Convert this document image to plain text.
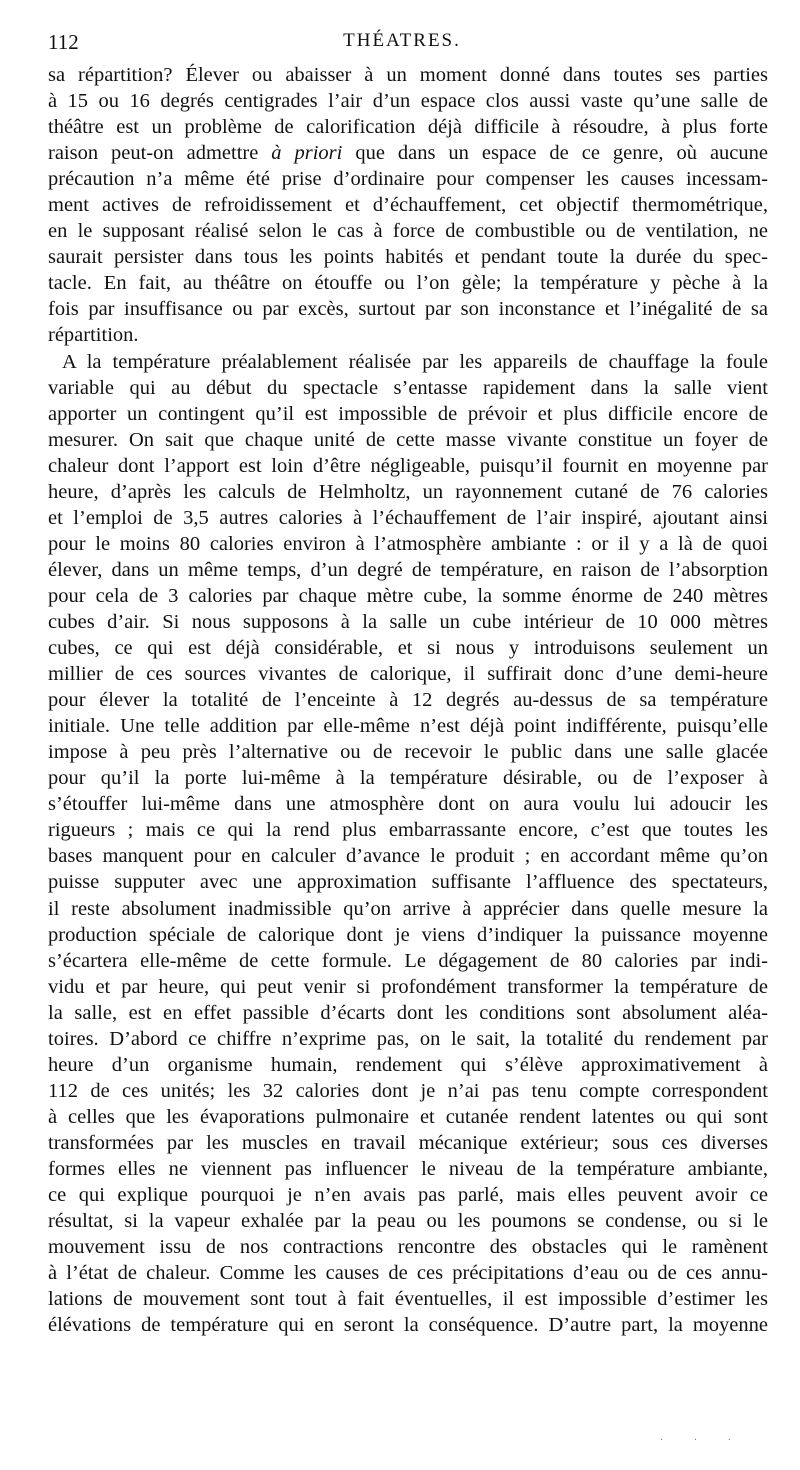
112	THÉATRES.
sa répartition? Élever ou abaisser à un moment donné dans toutes ses parties
à 15 ou 16 degrés centigrades l’air d’un espace clos aussi vaste qu’une salle de
théâtre est un problème de calorification déjà difficile à résoudre, à plus forte
raison peut-on admettre à priori que dans un espace de ce genre, où aucune
précaution n’a même été prise d’ordinaire pour compenser les causes incessam-
ment actives de refroidissement et d’échauffement, cet objectif thermométrique,
en le supposant réalisé selon le cas à force de combustible ou de ventilation, ne
saurait persister dans tous les points habités et pendant toute la durée du spec-
tacle. En fait, au théâtre on étouffe ou l’on gèle; la température y pèche à la
fois par insuffisance ou par excès, surtout par son inconstance et l’inégalité de sa
répartition.
A la température préalablement réalisée par les appareils de chauffage la foule
variable qui au début du spectacle s’entasse rapidement dans la salle vient
apporter un contingent qu’il est impossible de prévoir et plus difficile encore de
mesurer. On sait que chaque unité de cette masse vivante constitue un foyer de
chaleur dont l’apport est loin d’être négligeable, puisqu’il fournit en moyenne par
heure, d’après les calculs de Helmholtz, un rayonnement cutané de 76 calories
et l’emploi de 3,5 autres calories à l’échauffement de l’air inspiré, ajoutant ainsi
pour le moins 80 calories environ à l’atmosphère ambiante : or il y a là de quoi
élever, dans un même temps, d’un degré de température, en raison de l’absorption
pour cela de 3 calories par chaque mètre cube, la somme énorme de 240 mètres
cubes d’air. Si nous supposons à la salle un cube intérieur de 10 000 mètres
cubes, ce qui est déjà considérable, et si nous y introduisons seulement un
millier de ces sources vivantes de calorique, il suffirait donc d’une demi-heure
pour élever la totalité de l’enceinte à 12 degrés au-dessus de sa température
initiale. Une telle addition par elle-même n’est déjà point indifférente, puisqu’elle
impose à peu près l’alternative ou de recevoir le public dans une salle glacée
pour qu’il la porte lui-même à la température désirable, ou de l’exposer à
s’étouffer lui-même dans une atmosphère dont on aura voulu lui adoucir les
rigueurs ; mais ce qui la rend plus embarrassante encore, c’est que toutes les
bases manquent pour en calculer d’avance le produit ; en accordant même qu’on
puisse supputer avec une approximation suffisante l’affluence des spectateurs,
il reste absolument inadmissible qu’on arrive à apprécier dans quelle mesure la
production spéciale de calorique dont je viens d’indiquer la puissance moyenne
s’écartera elle-même de cette formule. Le dégagement de 80 calories par indi-
vidu et par heure, qui peut venir si profondément transformer la température de
la salle, est en effet passible d’écarts dont les conditions sont absolument aléa-
toires. D’abord ce chiffre n’exprime pas, on le sait, la totalité du rendement par
heure d’un organisme humain, rendement qui s’élève approximativement à
112 de ces unités; les 32 calories dont je n’ai pas tenu compte correspondent
à celles que les évaporations pulmonaire et cutanée rendent latentes ou qui sont
transformées par les muscles en travail mécanique extérieur; sous ces diverses
formes elles ne viennent pas influencer le niveau de la température ambiante,
ce qui explique pourquoi je n’en avais pas parlé, mais elles peuvent avoir ce
résultat, si la vapeur exhalée par la peau ou les poumons se condense, ou si le
mouvement issu de nos contractions rencontre des obstacles qui le ramènent
à l’état de chaleur. Comme les causes de ces précipitations d’eau ou de ces annu-
lations de mouvement sont tout à fait éventuelles, il est impossible d’estimer les
élévations de température qui en seront la conséquence. D’autre part, la moyenne
· · ·
